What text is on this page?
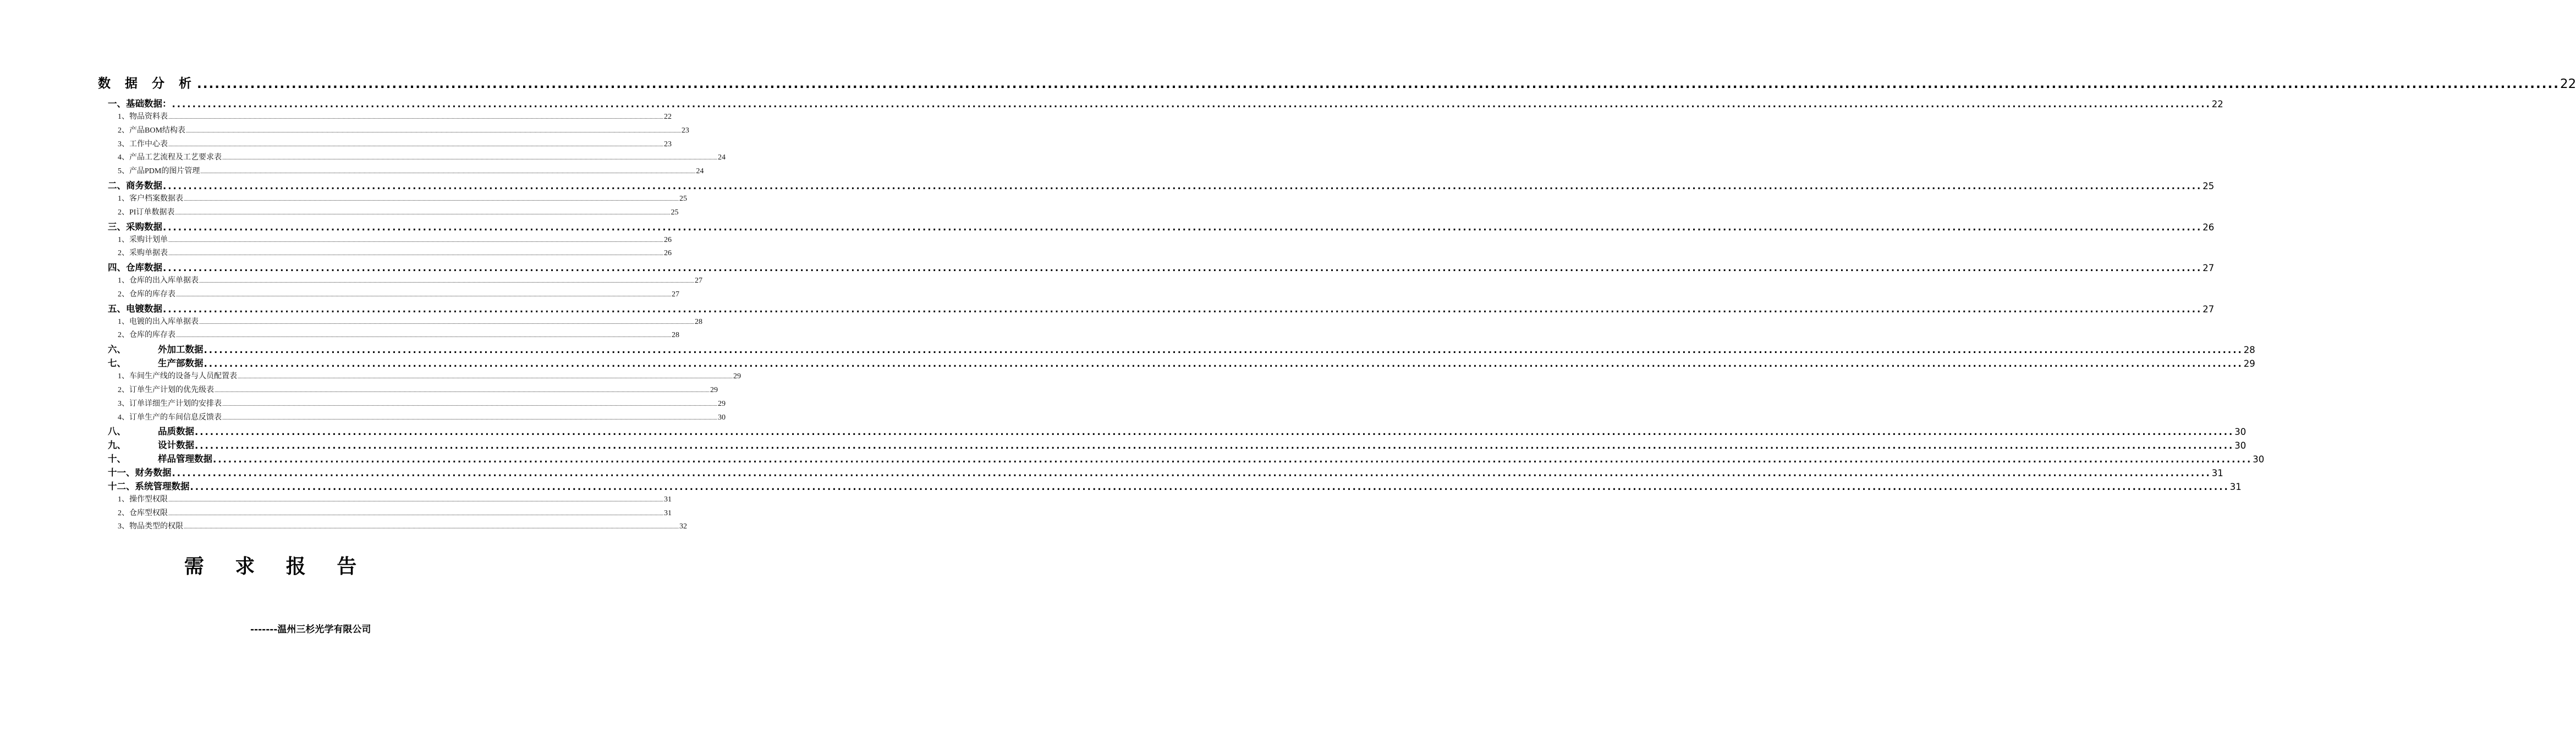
数 据 分 析 ................................................................................................................................................................................................................................................................................................................................................................................................................ 22
一、基础数据： ................................................................................................................................................................................................................................................................................................................................................................................................................ 22
1、物品资料表 ................................................................................................................................................................................................................................................................................................................................................................................................................ 22
2、产品BOM结构表 ................................................................................................................................................................................................................................................................................................................................................................................................................ 23
3、工作中心表 ................................................................................................................................................................................................................................................................................................................................................................................................................ 23
4、产品工艺流程及工艺要求表 ................................................................................................................................................................................................................................................................................................................................................................................................................ 24
5、产品PDM的图片管理 ................................................................................................................................................................................................................................................................................................................................................................................................................ 24
二、商务数据 ................................................................................................................................................................................................................................................................................................................................................................................................................ 25
1、客户档案数据表 ................................................................................................................................................................................................................................................................................................................................................................................................................ 25
2、PI订单数据表 ................................................................................................................................................................................................................................................................................................................................................................................................................ 25
三、采购数据 ................................................................................................................................................................................................................................................................................................................................................................................................................ 26
1、采购计划单 ................................................................................................................................................................................................................................................................................................................................................................................................................ 26
2、采购单据表 ................................................................................................................................................................................................................................................................................................................................................................................................................ 26
四、仓库数据 ................................................................................................................................................................................................................................................................................................................................................................................................................ 27
1、仓库的出入库单据表 ................................................................................................................................................................................................................................................................................................................................................................................................................ 27
2、仓库的库存表 ................................................................................................................................................................................................................................................................................................................................................................................................................ 27
五、电镀数据 ................................................................................................................................................................................................................................................................................................................................................................................................................ 27
1、电镀的出入库单据表 ................................................................................................................................................................................................................................................................................................................................................................................................................ 28
2、仓库的库存表 ................................................................................................................................................................................................................................................................................................................................................................................................................ 28
六、	外加工数据 ................................................................................................................................................................................................................................................................................................................................................................................................................ 28
七、	生产部数据 ................................................................................................................................................................................................................................................................................................................................................................................................................ 29
1、车间生产线的设备与人员配置表 ................................................................................................................................................................................................................................................................................................................................................................................................................ 29
2、订单生产计划的优先级表 ................................................................................................................................................................................................................................................................................................................................................................................................................ 29
3、订单详细生产计划的安排表 ................................................................................................................................................................................................................................................................................................................................................................................................................ 29
4、订单生产的车间信息反馈表 ................................................................................................................................................................................................................................................................................................................................................................................................................ 30
八、	品质数据 ................................................................................................................................................................................................................................................................................................................................................................................................................ 30
九、	设计数据 ................................................................................................................................................................................................................................................................................................................................................................................................................ 30
十、	样品管理数据 ................................................................................................................................................................................................................................................................................................................................................................................................................ 30
十一、财务数据 ................................................................................................................................................................................................................................................................................................................................................................................................................ 31
十二、系统管理数据 ................................................................................................................................................................................................................................................................................................................................................................................................................ 31
1、操作型权限 ................................................................................................................................................................................................................................................................................................................................................................................................................ 31
2、仓库型权限 ................................................................................................................................................................................................................................................................................................................................................................................................................ 31
3、物品类型的权限 ................................................................................................................................................................................................................................................................................................................................................................................................................ 32
需 求 报 告
-------温州三杉光学有限公司
